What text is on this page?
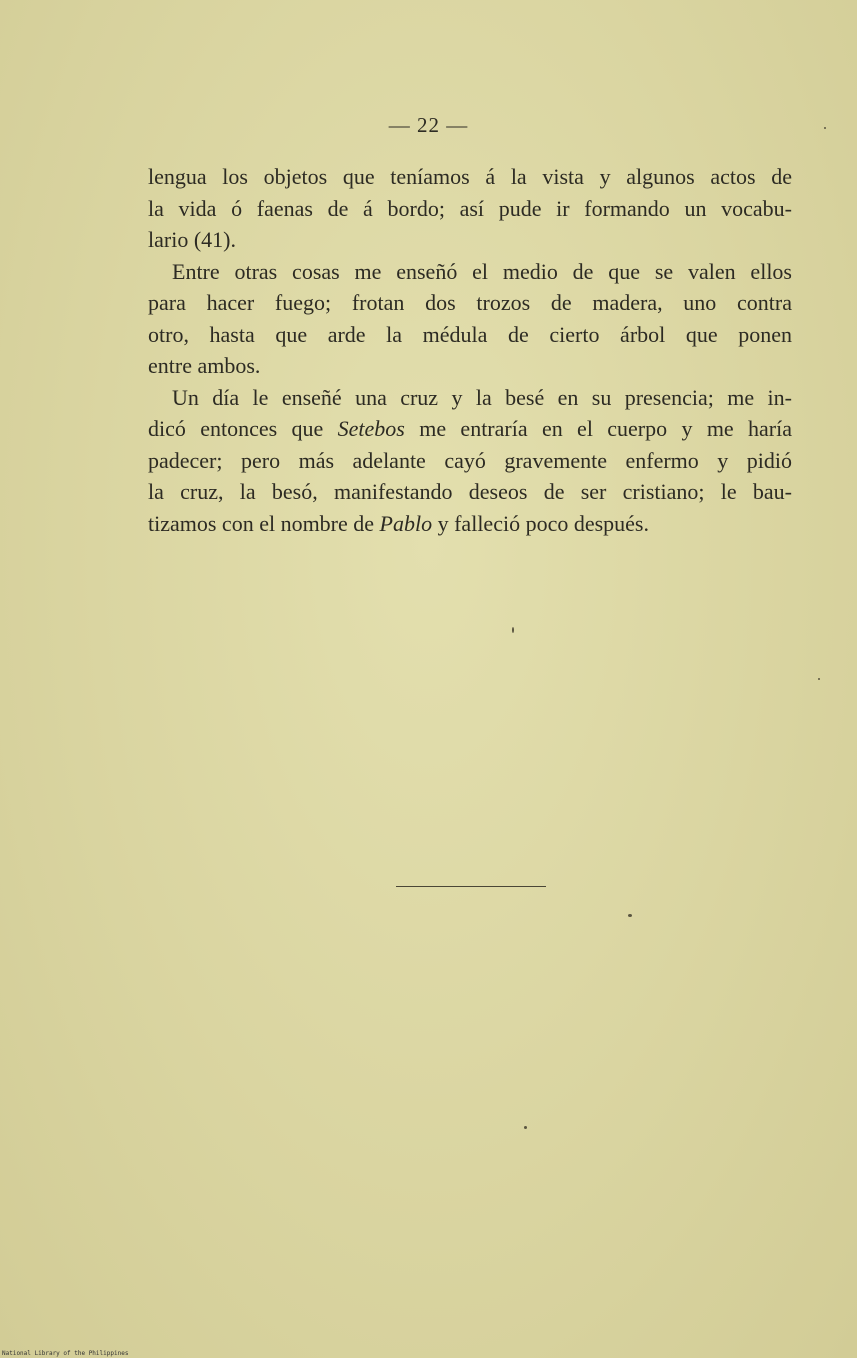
— 22 —
lengua los objetos que teníamos á la vista y algunos actos de
la vida ó faenas de á bordo; así pude ir formando un vocabu-
lario (41).
Entre otras cosas me enseñó el medio de que se valen ellos
para hacer fuego; frotan dos trozos de madera, uno contra
otro, hasta que arde la médula de cierto árbol que ponen
entre ambos.
Un día le enseñé una cruz y la besé en su presencia; me in-
dicó entonces que Setebos me entraría en el cuerpo y me haría
padecer; pero más adelante cayó gravemente enfermo y pidió
la cruz, la besó, manifestando deseos de ser cristiano; le bau-
tizamos con el nombre de Pablo y falleció poco después.
National Library of the Philippines
